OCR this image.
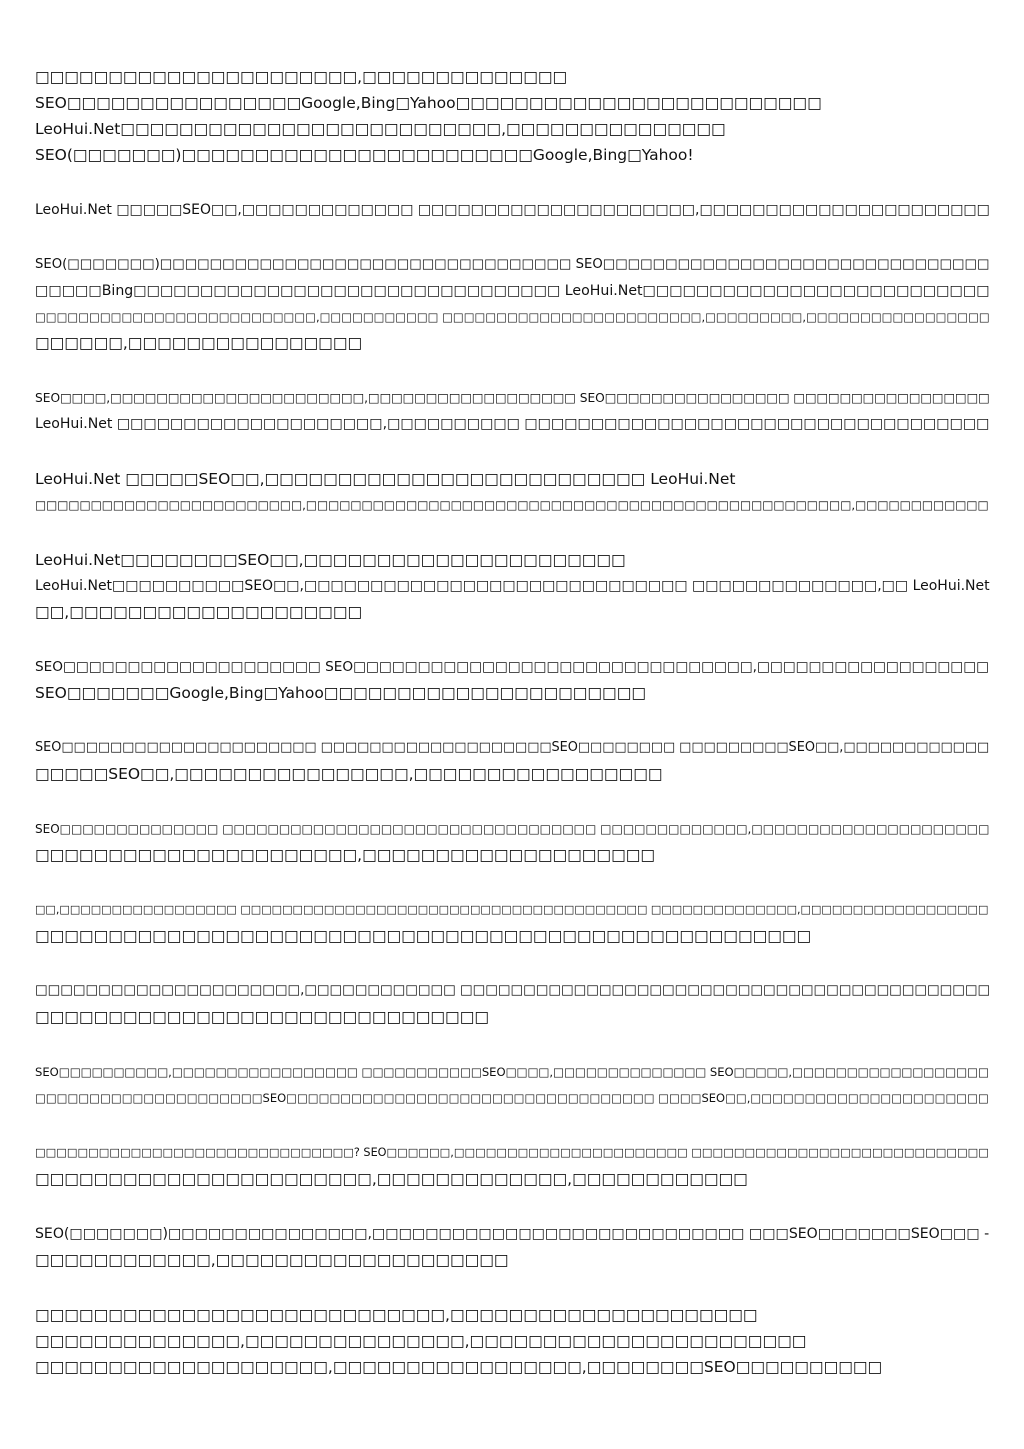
□□□□□□□□□□□□□□□□□□□□□□,□□□□□□□□□□□□□□
SEO□□□□□□□□□□□□□□□□Google,Bing□Yahoo□□□□□□□□□□□□□□□□□□□□□□□□□
LeoHui.Net□□□□□□□□□□□□□□□□□□□□□□□□□□,□□□□□□□□□□□□□□□
SEO(□□□□□□□)□□□□□□□□□□□□□□□□□□□□□□□□Google,Bing□Yahoo!
LeoHui.Net □□□□□SEO□□,□□□□□□□□□□□□□ □□□□□□□□□□□□□□□□□□□□□,□□□□□□□□□□□□□□□□□□□□□□
SEO(□□□□□□□)□□□□□□□□□□□□□□□□□□□□□□□□□□□□□□□□□ SEO□□□□□□□□□□□□□□□□□□□□□□□□□□□□□□□
□□□□□Bing□□□□□□□□□□□□□□□□□□□□□□□□□□□□□□□□ LeoHui.Net□□□□□□□□□□□□□□□□□□□□□□□□□□
□□□□□□□□□□□□□□□□□□□□□□□□□□,□□□□□□□□□□□ □□□□□□□□□□□□□□□□□□□□□□□□,□□□□□□□□□,□□□□□□□□□□□□□□□□□
□□□□□□,□□□□□□□□□□□□□□□□
SEO□□□□,□□□□□□□□□□□□□□□□□□□□□□,□□□□□□□□□□□□□□□□□□ SEO□□□□□□□□□□□□□□□□ □□□□□□□□□□□□□□□□□
LeoHui.Net □□□□□□□□□□□□□□□□□□□□,□□□□□□□□□□ □□□□□□□□□□□□□□□□□□□□□□□□□□□□□□□□□□□
LeoHui.Net □□□□□SEO□□,□□□□□□□□□□□□□□□□□□□□□□□□□□ LeoHui.Net
□□□□□□□□□□□□□□□□□□□□□□□□,□□□□□□□□□□□□□□□□□□□□□□□□□□□□□□□□□□□□□□□□□□□□□□□□□,□□□□□□□□□□□□
LeoHui.Net□□□□□□□□SEO□□,□□□□□□□□□□□□□□□□□□□□□□
LeoHui.Net□□□□□□□□□□SEO□□,□□□□□□□□□□□□□□□□□□□□□□□□□□□□□ □□□□□□□□□□□□□□,□□ LeoHui.Net
□□,□□□□□□□□□□□□□□□□□□□□
SEO□□□□□□□□□□□□□□□□□□□□ SEO□□□□□□□□□□□□□□□□□□□□□□□□□□□□□□□,□□□□□□□□□□□□□□□□□□
SEO□□□□□□□Google,Bing□Yahoo□□□□□□□□□□□□□□□□□□□□□□
SEO□□□□□□□□□□□□□□□□□□□□□ □□□□□□□□□□□□□□□□□□□SEO□□□□□□□□ □□□□□□□□□SEO□□,□□□□□□□□□□□□
□□□□□SEO□□,□□□□□□□□□□□□□□□□,□□□□□□□□□□□□□□□□□
SEO□□□□□□□□□□□□□□ □□□□□□□□□□□□□□□□□□□□□□□□□□□□□□□□□ □□□□□□□□□□□□□,□□□□□□□□□□□□□□□□□□□□□
□□□□□□□□□□□□□□□□□□□□□□,□□□□□□□□□□□□□□□□□□□□
□□,□□□□□□□□□□□□□□□□□ □□□□□□□□□□□□□□□□□□□□□□□□□□□□□□□□□□□□□□□ □□□□□□□□□□□□□□,□□□□□□□□□□□□□□□□□□
□□□□□□□□□□□□□□□□□□□□□□□□□□□□□□□□□□□□□□□□□□□□□□□□□□□□□
□□□□□□□□□□□□□□□□□□□□□,□□□□□□□□□□□□ □□□□□□□□□□□□□□□□□□□□□□□□□□□□□□□□□□□□□□□□□□
□□□□□□□□□□□□□□□□□□□□□□□□□□□□□□□
SEO□□□□□□□□□□,□□□□□□□□□□□□□□□□□ □□□□□□□□□□□SEO□□□□,□□□□□□□□□□□□□□ SEO□□□□□,□□□□□□□□□□□□□□□□□□
□□□□□□□□□□□□□□□□□□□□□SEO□□□□□□□□□□□□□□□□□□□□□□□□□□□□□□□□□□ □□□□SEO□□,□□□□□□□□□□□□□□□□□□□□□□
□□□□□□□□□□□□□□□□□□□□□□□□□□□□□□? SEO□□□□□□,□□□□□□□□□□□□□□□□□□□□□□ □□□□□□□□□□□□□□□□□□□□□□□□□□□□
□□□□□□□□□□□□□□□□□□□□□□□,□□□□□□□□□□□□□,□□□□□□□□□□□□
SEO(□□□□□□□)□□□□□□□□□□□□□□□,□□□□□□□□□□□□□□□□□□□□□□□□□□□□ □□□SEO□□□□□□□SEO□□□ -
□□□□□□□□□□□□,□□□□□□□□□□□□□□□□□□□□
□□□□□□□□□□□□□□□□□□□□□□□□□□□□,□□□□□□□□□□□□□□□□□□□□□
□□□□□□□□□□□□□□,□□□□□□□□□□□□□□□,□□□□□□□□□□□□□□□□□□□□□□□
□□□□□□□□□□□□□□□□□□□□,□□□□□□□□□□□□□□□□□,□□□□□□□□SEO□□□□□□□□□□
